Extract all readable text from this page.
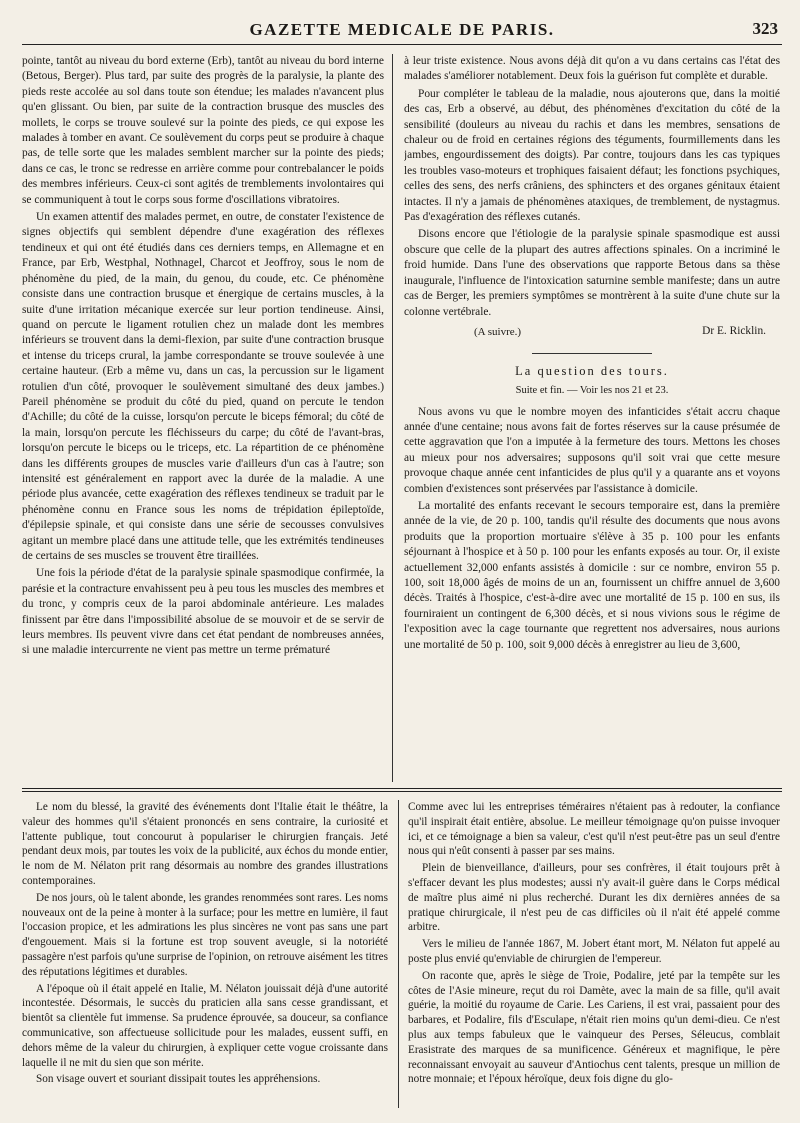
GAZETTE MEDICALE DE PARIS.	323

pointe, tantôt au niveau du bord externe (Erb), tantôt au niveau du bord interne (Betous, Berger). Plus tard, par suite des progrès de la paralysie, la plante des pieds reste accolée au sol dans toute son étendue; les malades n'avancent plus qu'en glissant. Ou bien, par suite de la contraction brusque des muscles des mollets, le corps se trouve soulevé sur la pointe des pieds, ce qui expose les malades à tomber en avant. Ce soulèvement du corps peut se produire à chaque pas, de telle sorte que les malades semblent marcher sur la pointe des pieds; dans ce cas, le tronc se redresse en arrière comme pour contrebalancer le poids des membres inférieurs. Ceux-ci sont agités de tremblements involontaires qui se communiquent à tout le corps sous forme d'oscillations vibratoires.

Un examen attentif des malades permet, en outre, de constater l'existence de signes objectifs qui semblent dépendre d'une exagération des réflexes tendineux et qui ont été étudiés dans ces derniers temps, en Allemagne et en France, par Erb, Westphal, Nothnagel, Charcot et Jeoffroy, sous le nom de phénomène du pied, de la main, du genou, du coude, etc. Ce phénomène consiste dans une contraction brusque et énergique de certains muscles, à la suite d'une irritation mécanique exercée sur leur portion tendineuse. Ainsi, quand on percute le ligament rotulien chez un malade dont les membres inférieurs se trouvent dans la demi-flexion, par suite d'une contraction brusque et intense du triceps crural, la jambe correspondante se trouve soulevée à une certaine hauteur. (Erb a même vu, dans un cas, la percussion sur le ligament rotulien d'un côté, provoquer le soulèvement simultané des deux jambes.) Pareil phénomène se produit du côté du pied, quand on percute le tendon d'Achille; du côté de la cuisse, lorsqu'on percute le biceps fémoral; du côté de la main, lorsqu'on percute les fléchisseurs du carpe; du côté de l'avant-bras, lorsqu'on percute le biceps ou le triceps, etc. La répartition de ce phénomène dans les différents groupes de muscles varie d'ailleurs d'un cas à l'autre; son intensité est généralement en rapport avec la durée de la maladie. A une période plus avancée, cette exagération des réflexes tendineux se traduit par le phénomène connu en France sous les noms de trépidation épileptoïde, d'épilepsie spinale, et qui consiste dans une série de secousses convulsives agitant un membre placé dans une attitude telle, que les extrémités tendineuses de certains de ses muscles se trouvent être tiraillées.

Une fois la période d'état de la paralysie spinale spasmodique confirmée, la parésie et la contracture envahissent peu à peu tous les muscles des membres et du tronc, y compris ceux de la paroi abdominale antérieure. Les malades finissent par être dans l'impossibilité absolue de se mouvoir et de se servir de leurs membres. Ils peuvent vivre dans cet état pendant de nombreuses années, si une maladie intercurrente ne vient pas mettre un terme prématuré

à leur triste existence. Nous avons déjà dit qu'on a vu dans certains cas l'état des malades s'améliorer notablement. Deux fois la guérison fut complète et durable.

Pour compléter le tableau de la maladie, nous ajouterons que, dans la moitié des cas, Erb a observé, au début, des phénomènes d'excitation du côté de la sensibilité (douleurs au niveau du rachis et dans les membres, sensations de chaleur ou de froid en certaines régions des téguments, fourmillements dans les jambes, engourdissement des doigts). Par contre, toujours dans les cas typiques les troubles vaso-moteurs et trophiques faisaient défaut; les fonctions psychiques, celles des sens, des nerfs crâniens, des sphincters et des organes génitaux étaient intactes. Il n'y a jamais de phénomènes ataxiques, de tremblement, de nystagmus. Pas d'exagération des réflexes cutanés.

Disons encore que l'étiologie de la paralysie spinale spasmodique est aussi obscure que celle de la plupart des autres affections spinales. On a incriminé le froid humide. Dans l'une des observations que rapporte Betous dans sa thèse inaugurale, l'influence de l'intoxication saturnine semble manifeste; dans un autre cas de Berger, les premiers symptômes se montrèrent à la suite d'une chute sur la colonne vertébrale.

Dr E. Ricklin.
(A suivre.)
La question des tours.
Suite et fin. — Voir les nos 21 et 23.

Nous avons vu que le nombre moyen des infanticides s'était accru chaque année d'une centaine; nous avons fait de fortes réserves sur la cause présumée de cette aggravation que l'on a imputée à la fermeture des tours. Mettons les choses au mieux pour nos adversaires; supposons qu'il soit vrai que cette mesure provoque chaque année cent infanticides de plus qu'il y a quarante ans et voyons combien d'existences sont préservées par l'assistance à domicile.

La mortalité des enfants recevant le secours temporaire est, dans la première année de la vie, de 20 p. 100, tandis qu'il résulte des documents que nous avons produits que la proportion mortuaire s'élève à 35 p. 100 pour les enfants séjournant à l'hospice et à 50 p. 100 pour les enfants exposés au tour. Or, il existe actuellement 32,000 enfants assistés à domicile : sur ce nombre, environ 55 p. 100, soit 18,000 âgés de moins de un an, fournissent un chiffre annuel de 3,600 décès. Traités à l'hospice, c'est-à-dire avec une mortalité de 15 p. 100 en sus, ils fourniraient un contingent de 6,300 décès, et si nous vivions sous le régime de l'exposition avec la cage tournante que regrettent nos adversaires, nous aurions une mortalité de 50 p. 100, soit 9,000 décès à enregistrer au lieu de 3,600,

Le nom du blessé, la gravité des événements dont l'Italie était le théâtre, la valeur des hommes qu'il s'étaient prononcés en sens contraire, la curiosité et l'attente publique, tout concourut à populariser le chirurgien français. Jeté pendant deux mois, par toutes les voix de la publicité, aux échos du monde entier, le nom de M. Nélaton prit rang désormais au nombre des grandes illustrations contemporaines.

De nos jours, où le talent abonde, les grandes renommées sont rares. Les noms nouveaux ont de la peine à monter à la surface; pour les mettre en lumière, il faut l'occasion propice, et les admirations les plus sincères ne vont pas sans une part d'engouement. Mais si la fortune est trop souvent aveugle, si la notoriété passagère n'est parfois qu'une surprise de l'opinion, on retrouve aisément les titres des réputations légitimes et durables.

A l'époque où il était appelé en Italie, M. Nélaton jouissait déjà d'une autorité incontestée. Désormais, le succès du praticien alla sans cesse grandissant, et bientôt sa clientèle fut immense. Sa prudence éprouvée, sa douceur, sa confiance communicative, son affectueuse sollicitude pour les malades, eussent suffi, en dehors même de la valeur du chirurgien, à expliquer cette vogue croissante dans laquelle il ne mit du sien que son mérite.

Son visage ouvert et souriant dissipait toutes les appréhensions.

Comme avec lui les entreprises téméraires n'étaient pas à redouter, la confiance qu'il inspirait était entière, absolue. Le meilleur témoignage qu'on puisse invoquer ici, et ce témoignage a bien sa valeur, c'est qu'il n'est peut-être pas un seul d'entre nous qui n'eût consenti à passer par ses mains.

Plein de bienveillance, d'ailleurs, pour ses confrères, il était toujours prêt à s'effacer devant les plus modestes; aussi n'y avait-il guère dans le Corps médical de maître plus aimé ni plus recherché. Durant les dix dernières années de sa pratique chirurgicale, il n'est peu de cas difficiles où il n'ait été appelé comme arbitre.

Vers le milieu de l'année 1867, M. Jobert étant mort, M. Nélaton fut appelé au poste plus envié qu'enviable de chirurgien de l'empereur.

On raconte que, après le siège de Troie, Podalire, jeté par la tempête sur les côtes de l'Asie mineure, reçut du roi Damète, avec la main de sa fille, qu'il avait guérie, la moitié du royaume de Carie. Les Cariens, il est vrai, passaient pour des barbares, et Podalire, fils d'Esculape, n'était rien moins qu'un demi-dieu. Ce n'est plus aux temps fabuleux que le vainqueur des Perses, Séleucus, comblait Erasistrate des marques de sa munificence. Généreux et magnifique, le père reconnaissant envoyait au sauveur d'Antiochus cent talents, presque un million de notre monnaie; et l'époux héroïque, deux fois digne du glo-
